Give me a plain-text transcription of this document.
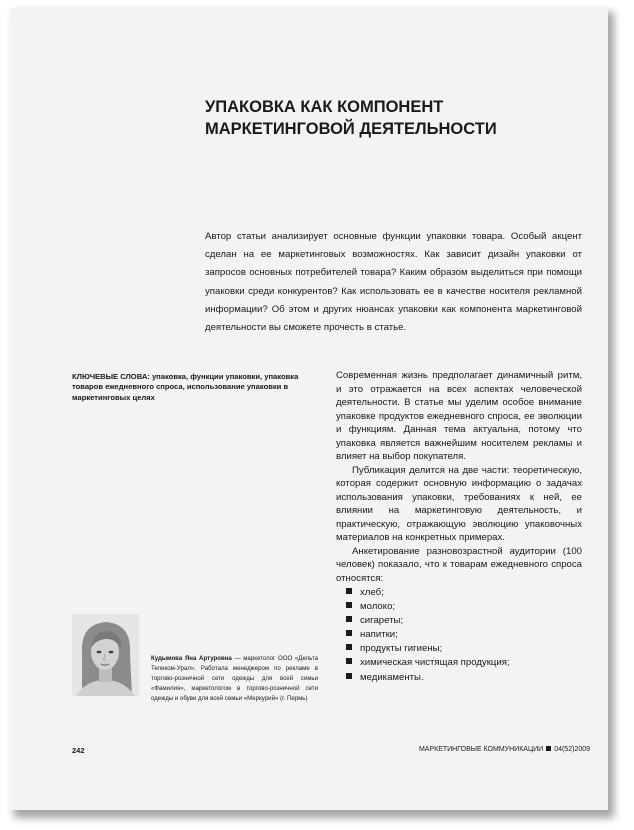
УПАКОВКА КАК КОМПОНЕНТ МАРКЕТИНГОВОЙ ДЕЯТЕЛЬНОСТИ

Автор статьи анализирует основные функции упаковки товара. Особый акцент сделан на ее маркетинговых возможностях. Как зависит дизайн упаковки от запросов основных потребителей товара? Каким образом выделиться при помощи упаковки среди конкурентов? Как использовать ее в качестве носителя рекламной информации? Об этом и других нюансах упаковки как компонента маркетинговой деятельности вы сможете прочесть в статье.

КЛЮЧЕВЫЕ СЛОВА: упаковка, функции упаковки, упаковка товаров ежедневного спроса, использование упаковки в маркетинговых целях

Современная жизнь предполагает динамичный ритм, и это отражается на всех аспектах человеческой деятельности. В статье мы уделим особое внимание упаковке продуктов ежедневного спроса, ее эволюции и функциям. Данная тема актуальна, потому что упаковка является важнейшим носителем рекламы и влияет на выбор покупателя.

Публикация делится на две части: теоретическую, которая содержит основную информацию о задачах использования упаковки, требованиях к ней, ее влиянии на маркетинговую деятельность, и практическую, отражающую эволюцию упаковочных материалов на конкретных примерах.

Анкетирование разновозрастной аудитории (100 человек) показало, что к товарам ежедневного спроса относятся:

хлеб;
молоко;
сигареты;
напитки;
продукты гигиены;
химическая чистящая продукция;
медикаменты.

Кудымова Яна Артуровна — маркетолог ООО «Дельта Телеком-Урал». Работала менеджером по рекламе в торгово-розничной сети одежды для всей семьи «Фамилия», маркетологом в торгово-розничной сети одежды и обуви для всей семьи «Меркурий» (г. Пермь)

242	МАРКЕТИНГОВЫЕ КОММУНИКАЦИИ 04(52)2009
